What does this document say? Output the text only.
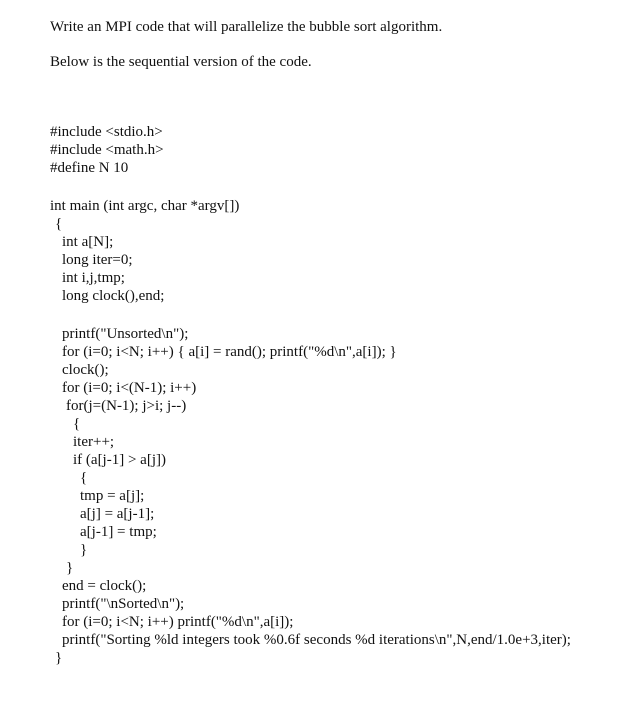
Write an MPI code that will parallelize the bubble sort algorithm.

Below is the sequential version of the code.

#include <stdio.h>

#include <math.h>

#define N 10

int main (int argc, char *argv[])

{

int a[N];

long iter=0;

int i,j,tmp;

long clock(),end;

printf("Unsorted\n");

for (i=0; i<N; i++) { a[i] = rand(); printf("%d\n",a[i]); }

clock();

for (i=0; i<(N-1); i++)

for(j=(N-1); j>i; j--)

{

iter++;

if (a[j-1] > a[j])

{

tmp = a[j];

a[j] = a[j-1];

a[j-1] = tmp;

}

}

end = clock();

printf("\nSorted\n");

for (i=0; i<N; i++) printf("%d\n",a[i]);

printf("Sorting %ld integers took %0.6f seconds %d iterations\n",N,end/1.0e+3,iter);

}
